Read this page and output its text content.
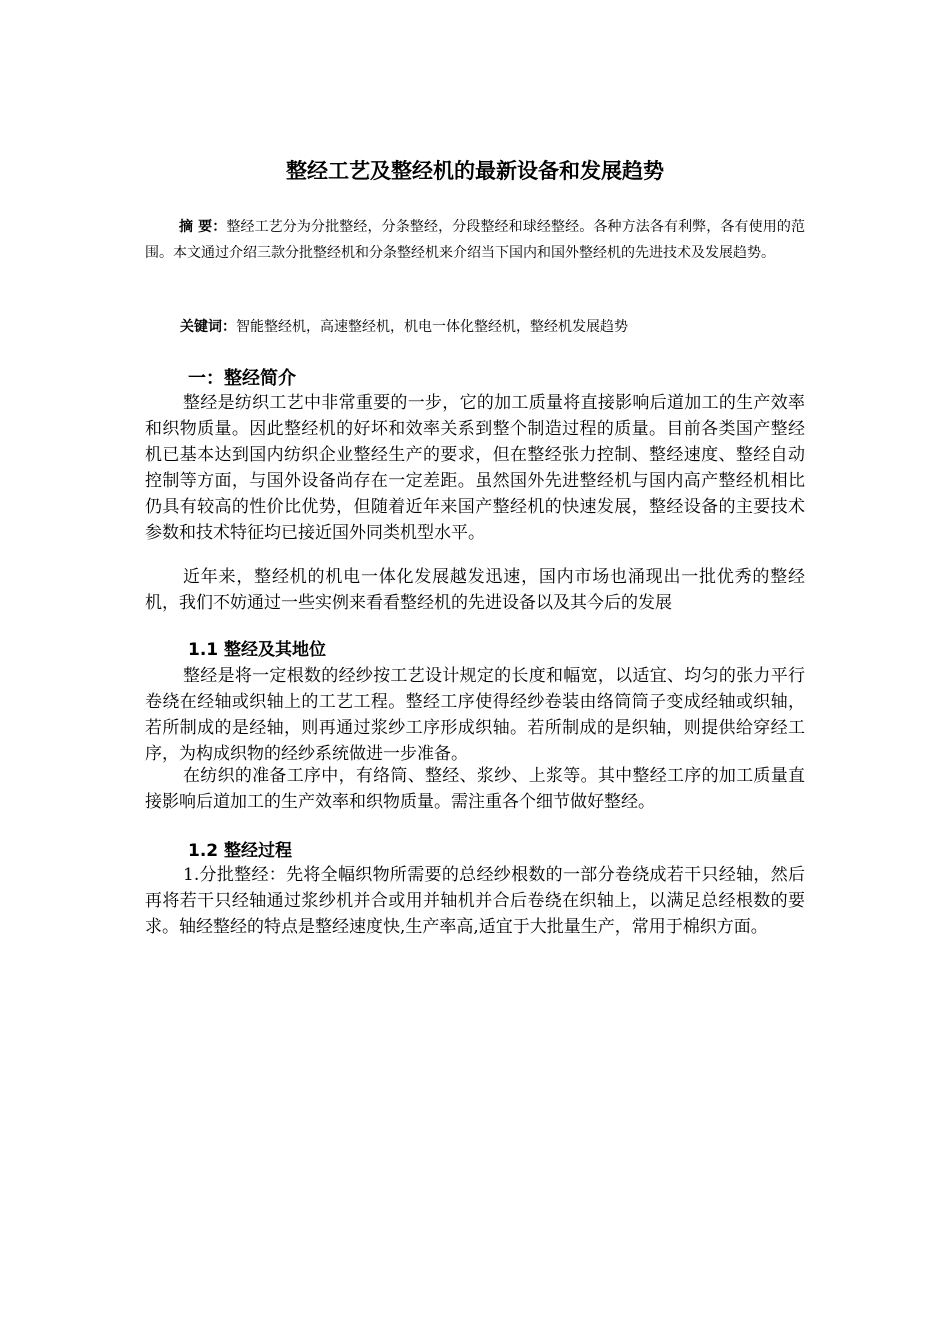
整经工艺及整经机的最新设备和发展趋势

摘 要：整经工艺分为分批整经，分条整经，分段整经和球经整经。各种方法各有利弊，各有使用的范围。本文通过介绍三款分批整经机和分条整经机来介绍当下国内和国外整经机的先进技术及发展趋势。

关键词：智能整经机，高速整经机，机电一体化整经机，整经机发展趋势

一：整经简介

整经是纺织工艺中非常重要的一步，它的加工质量将直接影响后道加工的生产效率和织物质量。因此整经机的好坏和效率关系到整个制造过程的质量。目前各类国产整经机已基本达到国内纺织企业整经生产的要求，但在整经张力控制、整经速度、整经自动控制等方面，与国外设备尚存在一定差距。虽然国外先进整经机与国内高产整经机相比仍具有较高的性价比优势，但随着近年来国产整经机的快速发展，整经设备的主要技术参数和技术特征均已接近国外同类机型水平。

近年来，整经机的机电一体化发展越发迅速，国内市场也涌现出一批优秀的整经机，我们不妨通过一些实例来看看整经机的先进设备以及其今后的发展

1.1 整经及其地位

整经是将一定根数的经纱按工艺设计规定的长度和幅宽，以适宜、均匀的张力平行卷绕在经轴或织轴上的工艺工程。整经工序使得经纱卷装由络筒筒子变成经轴或织轴，若所制成的是经轴，则再通过浆纱工序形成织轴。若所制成的是织轴，则提供给穿经工序，为构成织物的经纱系统做进一步准备。

在纺织的准备工序中，有络筒、整经、浆纱、上浆等。其中整经工序的加工质量直接影响后道加工的生产效率和织物质量。需注重各个细节做好整经。

1.2 整经过程

1.分批整经：先将全幅织物所需要的总经纱根数的一部分卷绕成若干只经轴，然后再将若干只经轴通过浆纱机并合或用并轴机并合后卷绕在织轴上，以满足总经根数的要求。轴经整经的特点是整经速度快,生产率高,适宜于大批量生产，常用于棉织方面。
